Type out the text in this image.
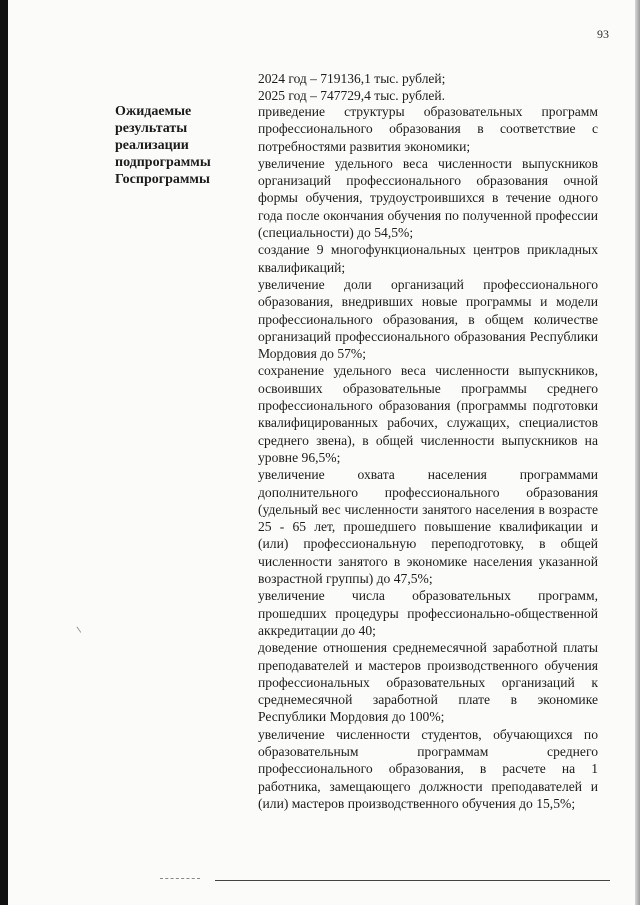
93
2024 год – 719136,1 тыс. рублей;
2025 год – 747729,4 тыс. рублей.
Ожидаемые результаты реализации подпрограммы Госпрограммы
приведение структуры образовательных программ профессионального образования в соответствие с потребностями развития экономики;
увеличение удельного веса численности выпускников организаций профессионального образования очной формы обучения, трудоустроившихся в течение одного года после окончания обучения по полученной профессии (специальности) до 54,5%;
создание 9 многофункциональных центров прикладных квалификаций;
увеличение доли организаций профессионального образования, внедривших новые программы и модели профессионального образования, в общем количестве организаций профессионального образования Республики Мордовия до 57%;
сохранение удельного веса численности выпускников, освоивших образовательные программы среднего профессионального образования (программы подготовки квалифицированных рабочих, служащих, специалистов среднего звена), в общей численности выпускников на уровне 96,5%;
увеличение охвата населения программами дополнительного профессионального образования (удельный вес численности занятого населения в возрасте 25 - 65 лет, прошедшего повышение квалификации и (или) профессиональную переподготовку, в общей численности занятого в экономике населения указанной возрастной группы) до 47,5%;
увеличение числа образовательных программ, прошедших процедуры профессионально-общественной аккредитации до 40;
доведение отношения среднемесячной заработной платы преподавателей и мастеров производственного обучения профессиональных образовательных организаций к среднемесячной заработной плате в экономике Республики Мордовия до 100%;
увеличение численности студентов, обучающихся по образовательным программам среднего профессионального образования, в расчете на 1 работника, замещающего должности преподавателей и (или) мастеров производственного обучения до 15,5%;
